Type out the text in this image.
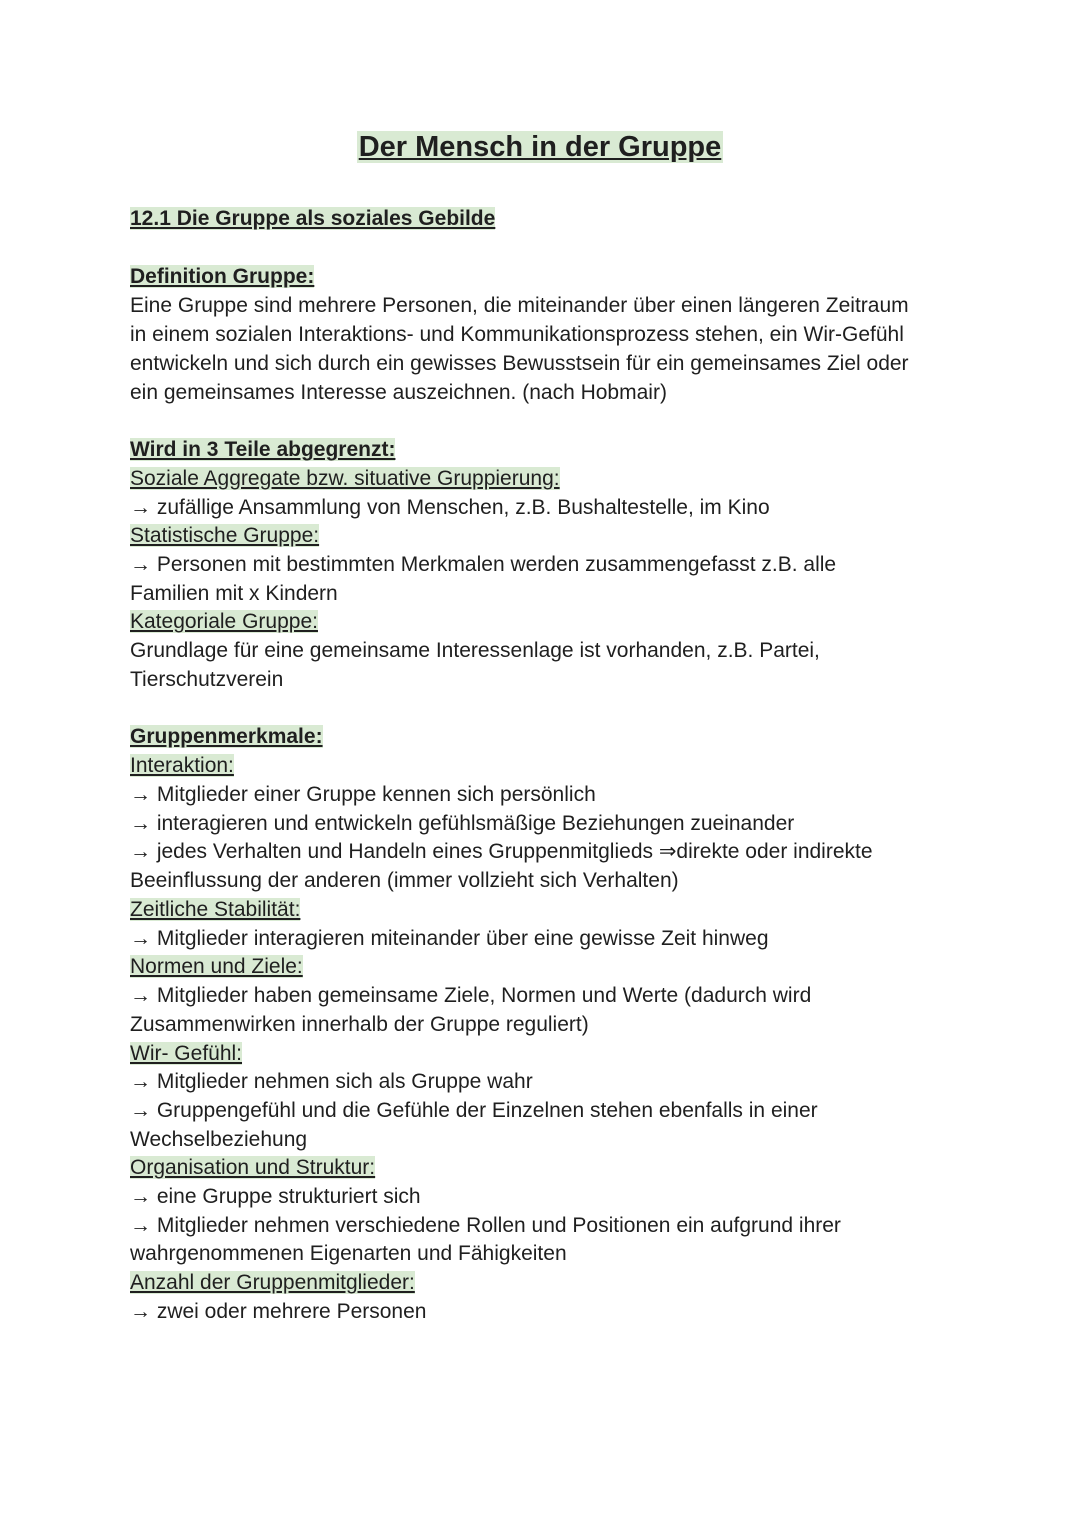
Der Mensch in der Gruppe
12.1 Die Gruppe als soziales Gebilde
Definition Gruppe:
Eine Gruppe sind mehrere Personen, die miteinander über einen längeren Zeitraum
in einem sozialen Interaktions- und Kommunikationsprozess stehen, ein Wir-Gefühl
entwickeln und sich durch ein gewisses Bewusstsein für ein gemeinsames Ziel oder
ein gemeinsames Interesse auszeichnen. (nach Hobmair)
Wird in 3 Teile abgegrenzt:
Soziale Aggregate bzw. situative Gruppierung:
→ zufällige Ansammlung von Menschen, z.B. Bushaltestelle, im Kino
Statistische Gruppe:
→ Personen mit bestimmten Merkmalen werden zusammengefasst z.B. alle
Familien mit x Kindern
Kategoriale Gruppe:
Grundlage für eine gemeinsame Interessenlage ist vorhanden, z.B. Partei,
Tierschutzverein
Gruppenmerkmale:
Interaktion:
→ Mitglieder einer Gruppe kennen sich persönlich
→ interagieren und entwickeln gefühlsmäßige Beziehungen zueinander
→ jedes Verhalten und Handeln eines Gruppenmitglieds ⇒direkte oder indirekte
Beeinflussung der anderen (immer vollzieht sich Verhalten)
Zeitliche Stabilität:
→ Mitglieder interagieren miteinander über eine gewisse Zeit hinweg
Normen und Ziele:
→ Mitglieder haben gemeinsame Ziele, Normen und Werte (dadurch wird
Zusammenwirken innerhalb der Gruppe reguliert)
Wir- Gefühl:
→ Mitglieder nehmen sich als Gruppe wahr
→ Gruppengefühl und die Gefühle der Einzelnen stehen ebenfalls in einer
Wechselbeziehung
Organisation und Struktur:
→ eine Gruppe strukturiert sich
→ Mitglieder nehmen verschiedene Rollen und Positionen ein aufgrund ihrer
wahrgenommenen Eigenarten und Fähigkeiten
Anzahl der Gruppenmitglieder:
→ zwei oder mehrere Personen
